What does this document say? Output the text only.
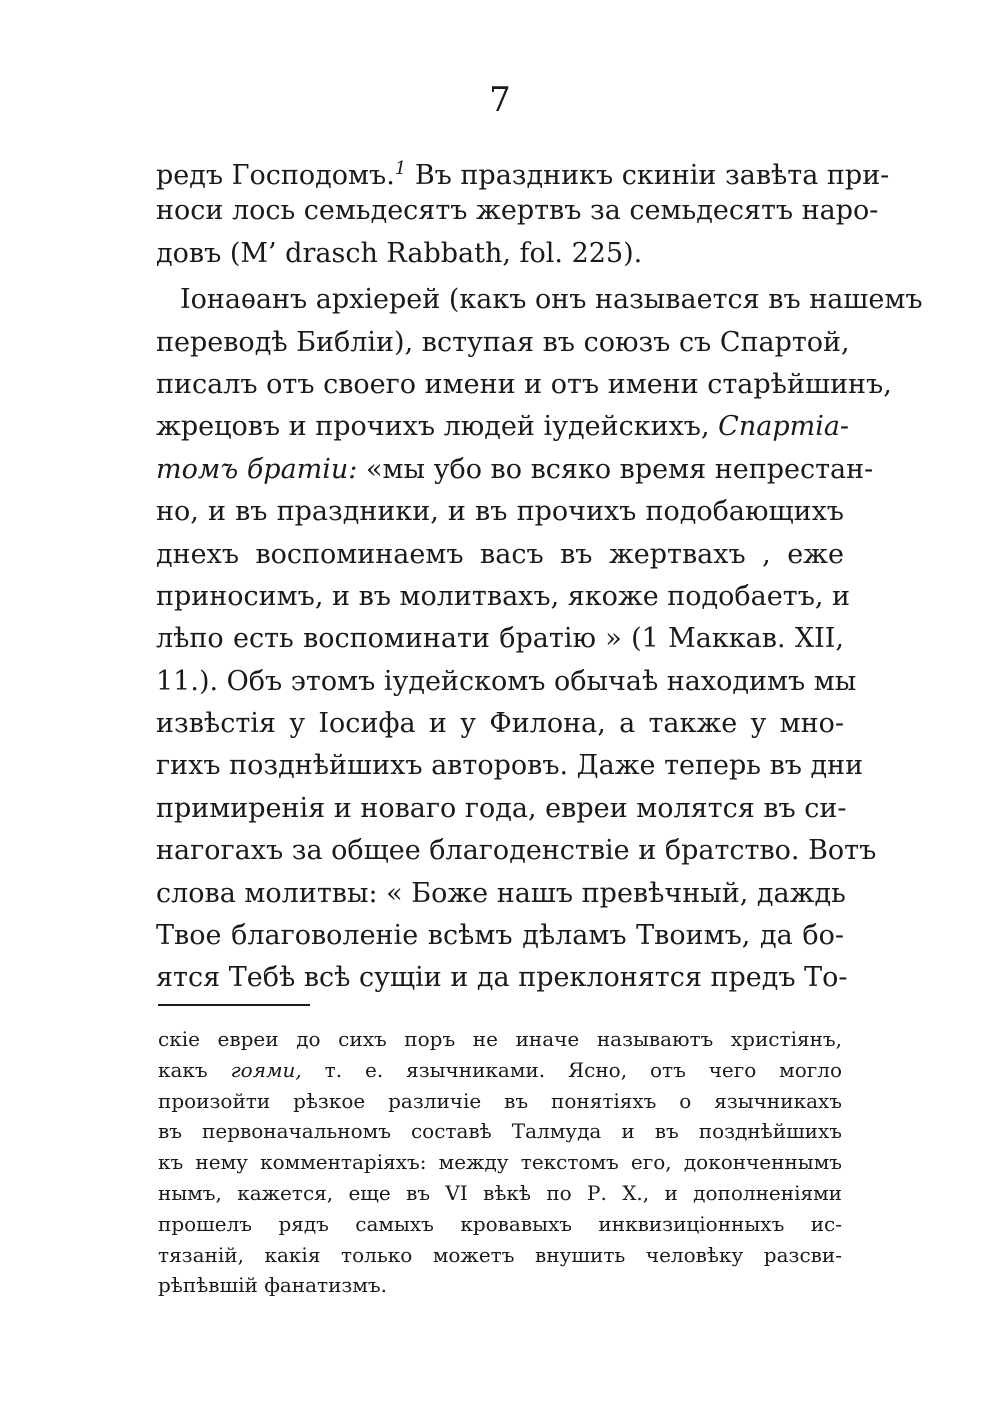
7
редъ Господомъ.$^1$ Въ праздникъ скиніи завѣта при-
носи лось семьдесятъ жертвъ за семьдесятъ наро-
довъ (M’ drasch Rabbath, fol. 225).
Іонаѳанъ архіерей (какъ онъ называется въ нашемъ
переводѣ Библіи), вступая въ союзъ съ Спартой,
писалъ отъ своего имени и отъ имени старѣйшинъ,
жрецовъ и прочихъ людей іудейскихъ, Спартіа-
томъ братіи: «мы убо во всяко время непрестан-
но, и въ праздники, и въ прочихъ подобающихъ
днехъ воспоминаемъ васъ въ жертвахъ , еже
приносимъ, и въ молитвахъ, якоже подобаетъ, и
лѣпо есть воспоминати братію » (1 Маккав. XII,
11.). Объ этомъ іудейскомъ обычаѣ находимъ мы
извѣстія у Іосифа и у Филона, а также у мно-
гихъ позднѣйшихъ авторовъ. Даже теперь въ дни
примиренія и новаго года, евреи молятся въ си-
нагогахъ за общее благоденствіе и братство. Вотъ
слова молитвы: « Боже нашъ превѣчный, даждь
Твое благоволеніе всѣмъ дѣламъ Твоимъ, да бо-
ятся Тебѣ всѣ сущіи и да преклонятся предъ То-
скіе евреи до сихъ поръ не иначе называютъ христіянъ,
какъ гоями, т. е. язычниками. Ясно, отъ чего могло
произойти рѣзкое различіе въ понятіяхъ о язычникахъ
въ первоначальномъ составѣ Талмуда и въ позднѣйшихъ
къ нему комментаріяхъ: между текстомъ его, доконченнымъ
нымъ, кажется, еще въ VI вѣкѣ по Р. Х., и дополненіями
прошелъ рядъ самыхъ кровавыхъ инквизиціонныхъ ис-
тязаній, какія только можетъ внушить человѣку разсви-
рѣпѣвшій фанатизмъ.
